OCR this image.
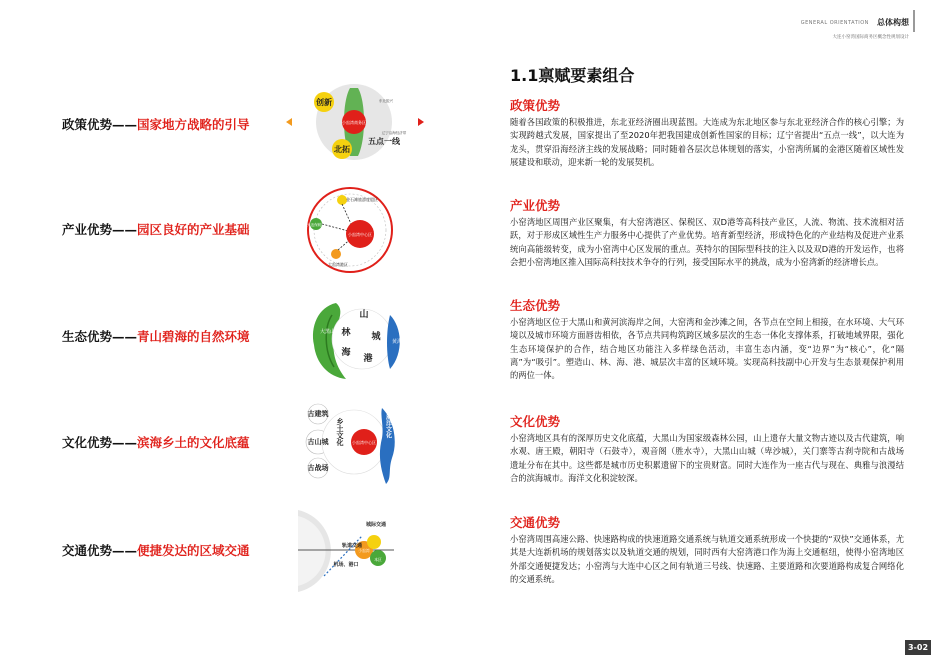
GENERAL ORIENTATION 总体构想
大连小窑湾国际商务区概念性规划设计
政策优势——国家地方战略的引导
产业优势——园区良好的产业基础
生态优势——青山碧海的自然环境
文化优势——滨海乡土的文化底蕴
交通优势——便捷发达的区域交通
小窑湾商务区
创新
北拓
五点一线
东北振兴
辽宁沿海经济带
金石滩旅游度假区
大连保税区
大窑湾港区
小窑湾中心区
山
林 城
海
港
大黑山
黄海
古建筑
古山城
古战场
小窑湾中心区
乡土文化	海洋文化
小窑湾
本区
城际交通
轨道交通
机场、港口
1.1禀赋要素组合
政策优势

随着各国政策的积极推进，东北亚经济圈出现蓝图。大连成为东北地区参与东北亚经济合作的核心引擎；为实现跨越式发展，国家提出了至2020年把我国建成创新性国家的目标；辽宁省提出“五点一线”，以大连为龙头，贯穿沿海经济主线的发展战略；同时随着各层次总体规划的落实，小窑湾所属的金港区随着区域性发展建设和联动，迎来新一轮的发展契机。

产业优势

小窑湾地区周围产业区聚集，有大窑湾港区、保税区、双D港等高科技产业区，人流、物流、技术流相对活跃，对于形成区域性生产力服务中心提供了产业优势。培育新型经济，形成特色化的产业结构及促进产业系统向高能级转变，成为小窑湾中心区发展的重点。英特尔的国际型科技的注入以及双D港的开发运作，也将会把小窑湾地区推入国际高科技技术争夺的行列，接受国际水平的挑战，成为小窑湾新的经济增长点。

生态优势

小窑湾地区位于大黑山和黄河滨海岸之间，大窑湾和金沙滩之间，各节点在空间上相接，在水环境、大气环境以及城市环境方面唇齿相依，各节点共同构筑跨区域多层次的生态一体化支撑体系，打破地域界限，强化生态环境保护的合作，结合地区功能注入多样绿色活动，丰富生态内涵，变“边界”为“核心”，化“隔离”为“吸引”。塑造山、林、海、港、城层次丰富的区域环境。实现高科技副中心开发与生态景观保护利用的两位一体。

文化优势

小窑湾地区具有的深厚历史文化底蕴，大黑山为国家级森林公园，山上遗存大量文物古迹以及古代建筑，响水观、唐王殿，朝阳寺（石鼓寺），观音阁（胜水寺），大黑山山城（卑沙城），关门寨等古刹寺院和古战场遗址分布在其中。这些都是城市历史积累遗留下的宝贵财富。同时大连作为一座古代与现在、典雅与浪漫结合的滨海城市。海洋文化积淀较深。

交通优势

小窑湾周围高速公路、快速路构成的快速道路交通系统与轨道交通系统形成一个快捷的“双快”交通体系，尤其是大连新机场的规划落实以及轨道交通的规划，同时西有大窑湾港口作为海上交通枢纽，使得小窑湾地区外部交通便捷发达；小窑湾与大连中心区之间有轨道三号线、快速路、主要道路和次要道路构成复合网络化的交通系统。

3-02
